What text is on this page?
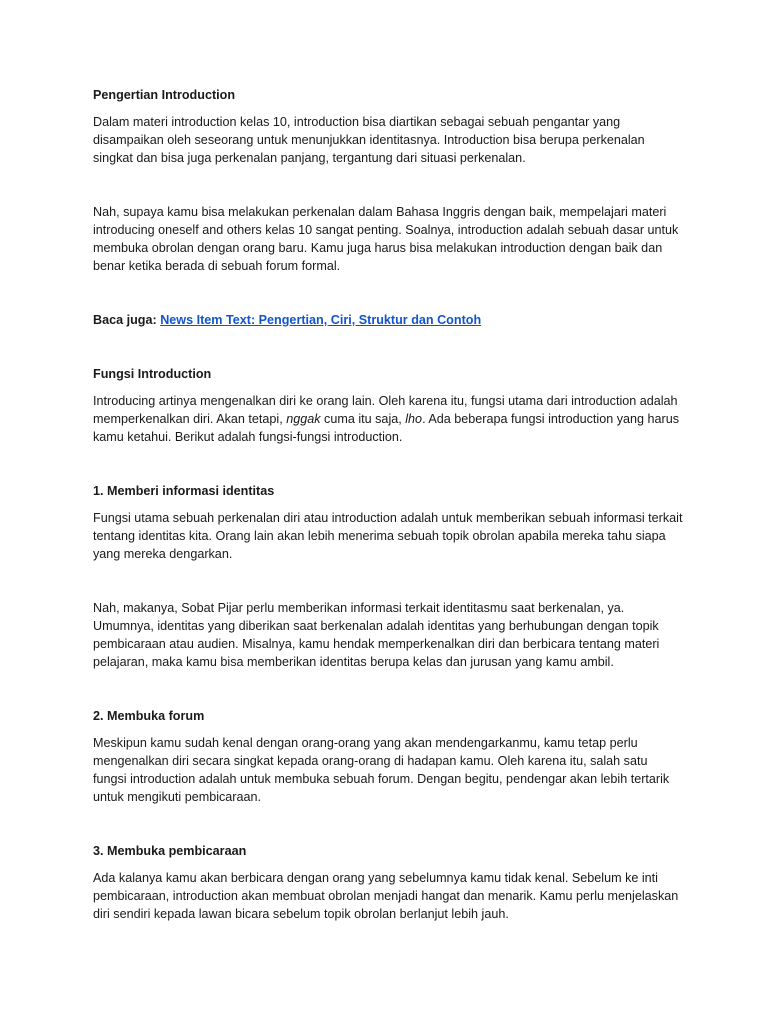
Pengertian Introduction
Dalam materi introduction kelas 10, introduction bisa diartikan sebagai sebuah pengantar yang disampaikan oleh seseorang untuk menunjukkan identitasnya. Introduction bisa berupa perkenalan singkat dan bisa juga perkenalan panjang, tergantung dari situasi perkenalan.
Nah, supaya kamu bisa melakukan perkenalan dalam Bahasa Inggris dengan baik, mempelajari materi introducing oneself and others kelas 10 sangat penting. Soalnya, introduction adalah sebuah dasar untuk membuka obrolan dengan orang baru. Kamu juga harus bisa melakukan introduction dengan baik dan benar ketika berada di sebuah forum formal.
Baca juga: News Item Text: Pengertian, Ciri, Struktur dan Contoh
Fungsi Introduction
Introducing artinya mengenalkan diri ke orang lain. Oleh karena itu, fungsi utama dari introduction adalah memperkenalkan diri. Akan tetapi, nggak cuma itu saja, lho. Ada beberapa fungsi introduction yang harus kamu ketahui. Berikut adalah fungsi-fungsi introduction.
1. Memberi informasi identitas
Fungsi utama sebuah perkenalan diri atau introduction adalah untuk memberikan sebuah informasi terkait tentang identitas kita. Orang lain akan lebih menerima sebuah topik obrolan apabila mereka tahu siapa yang mereka dengarkan.
Nah, makanya, Sobat Pijar perlu memberikan informasi terkait identitasmu saat berkenalan, ya. Umumnya, identitas yang diberikan saat berkenalan adalah identitas yang berhubungan dengan topik pembicaraan atau audien. Misalnya, kamu hendak memperkenalkan diri dan berbicara tentang materi pelajaran, maka kamu bisa memberikan identitas berupa kelas dan jurusan yang kamu ambil.
2. Membuka forum
Meskipun kamu sudah kenal dengan orang-orang yang akan mendengarkanmu, kamu tetap perlu mengenalkan diri secara singkat kepada orang-orang di hadapan kamu. Oleh karena itu, salah satu fungsi introduction adalah untuk membuka sebuah forum. Dengan begitu, pendengar akan lebih tertarik untuk mengikuti pembicaraan.
3. Membuka pembicaraan
Ada kalanya kamu akan berbicara dengan orang yang sebelumnya kamu tidak kenal. Sebelum ke inti pembicaraan, introduction akan membuat obrolan menjadi hangat dan menarik. Kamu perlu menjelaskan diri sendiri kepada lawan bicara sebelum topik obrolan berlanjut lebih jauh.
